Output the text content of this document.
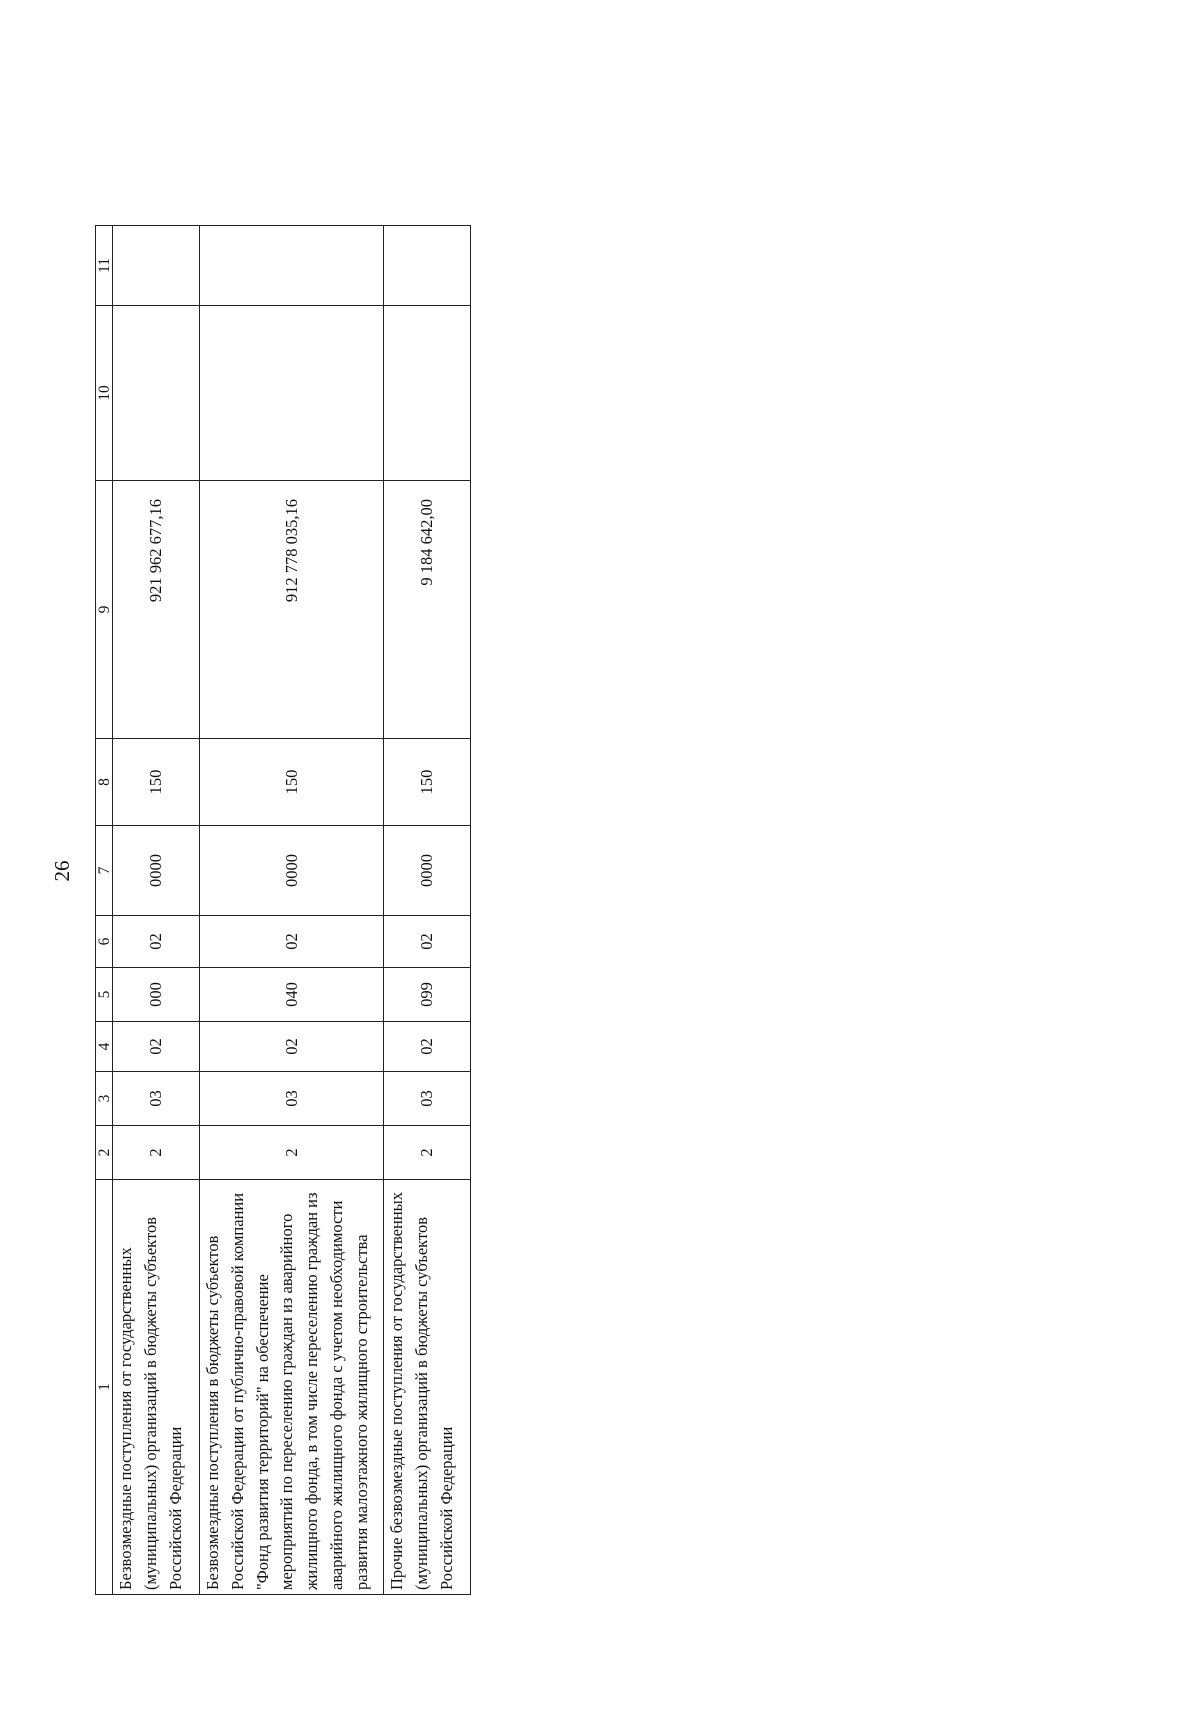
26
1	2	3	4	5	6	7	8	9	10	11
Безвозмездные поступления от государственных (муниципальных) организаций в бюджеты субъектов Российской Федерации	2	03	02	000	02	0000	150	921 962 677,16		
Безвозмездные поступления в бюджеты субъектов Российской Федерации от публично-правовой компании "Фонд развития территорий" на обеспечение мероприятий по переселению граждан из аварийного жилищного фонда, в том числе переселению граждан из аварийного жилищного фонда с учетом необходимости развития малоэтажного жилищного строительства	2	03	02	040	02	0000	150	912 778 035,16		
Прочие безвозмездные поступления от государственных (муниципальных) организаций в бюджеты субъектов Российской Федерации	2	03	02	099	02	0000	150	9 184 642,00		
